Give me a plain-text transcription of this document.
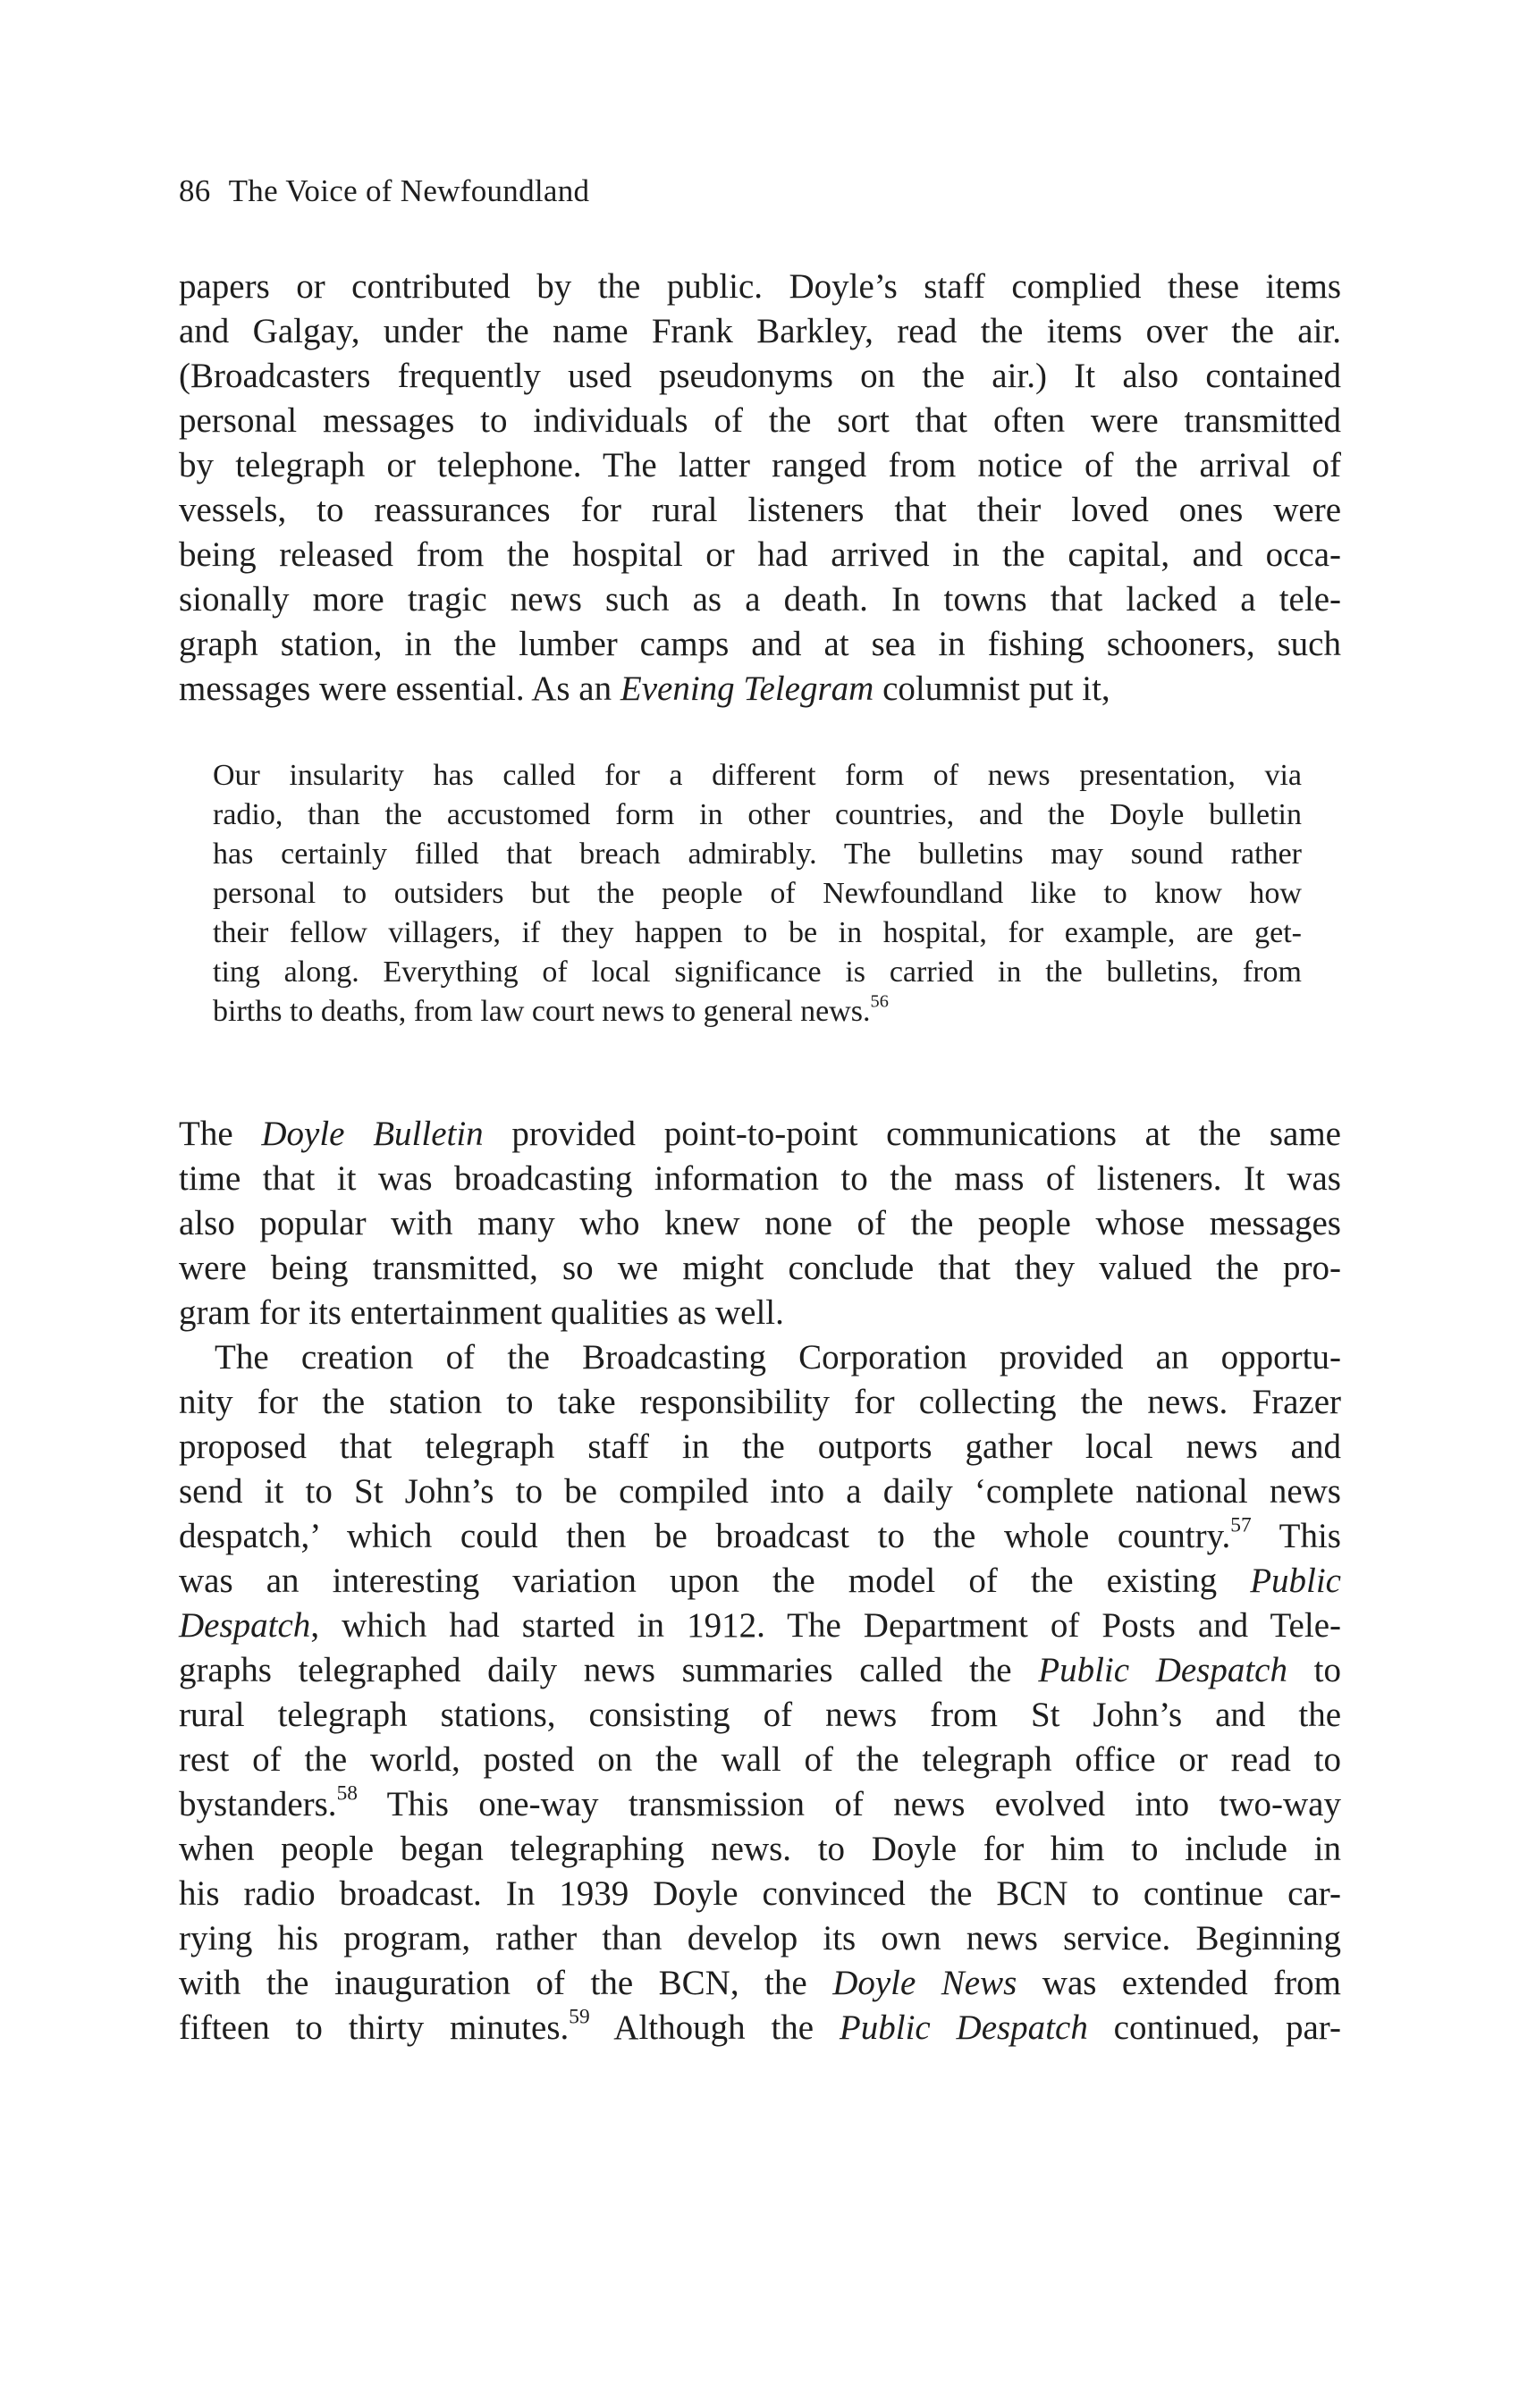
86 The Voice of Newfoundland
papers or contributed by the public. Doyle’s staff complied these items
and Galgay, under the name Frank Barkley, read the items over the air.
(Broadcasters frequently used pseudonyms on the air.) It also contained
personal messages to individuals of the sort that often were transmitted
by telegraph or telephone. The latter ranged from notice of the arrival of
vessels, to reassurances for rural listeners that their loved ones were
being released from the hospital or had arrived in the capital, and occa-
sionally more tragic news such as a death. In towns that lacked a tele-
graph station, in the lumber camps and at sea in fishing schooners, such
messages were essential. As an Evening Telegram columnist put it,
Our insularity has called for a different form of news presentation, via
radio, than the accustomed form in other countries, and the Doyle bulletin
has certainly filled that breach admirably. The bulletins may sound rather
personal to outsiders but the people of Newfoundland like to know how
their fellow villagers, if they happen to be in hospital, for example, are get-
ting along. Everything of local significance is carried in the bulletins, from
births to deaths, from law court news to general news.$^{56}$
The Doyle Bulletin provided point-to-point communications at the same
time that it was broadcasting information to the mass of listeners. It was
also popular with many who knew none of the people whose messages
were being transmitted, so we might conclude that they valued the pro-
gram for its entertainment qualities as well.
The creation of the Broadcasting Corporation provided an opportu-
nity for the station to take responsibility for collecting the news. Frazer
proposed that telegraph staff in the outports gather local news and
send it to St John’s to be compiled into a daily ‘complete national news
despatch,’ which could then be broadcast to the whole country.$^{57}$ This
was an interesting variation upon the model of the existing Public
Despatch, which had started in 1912. The Department of Posts and Tele-
graphs telegraphed daily news summaries called the Public Despatch to
rural telegraph stations, consisting of news from St John’s and the
rest of the world, posted on the wall of the telegraph office or read to
bystanders.$^{58}$ This one-way transmission of news evolved into two-way
when people began telegraphing news. to Doyle for him to include in
his radio broadcast. In 1939 Doyle convinced the BCN to continue car-
rying his program, rather than develop its own news service. Beginning
with the inauguration of the BCN, the Doyle News was extended from
fifteen to thirty minutes.$^{59}$ Although the Public Despatch continued, par-
